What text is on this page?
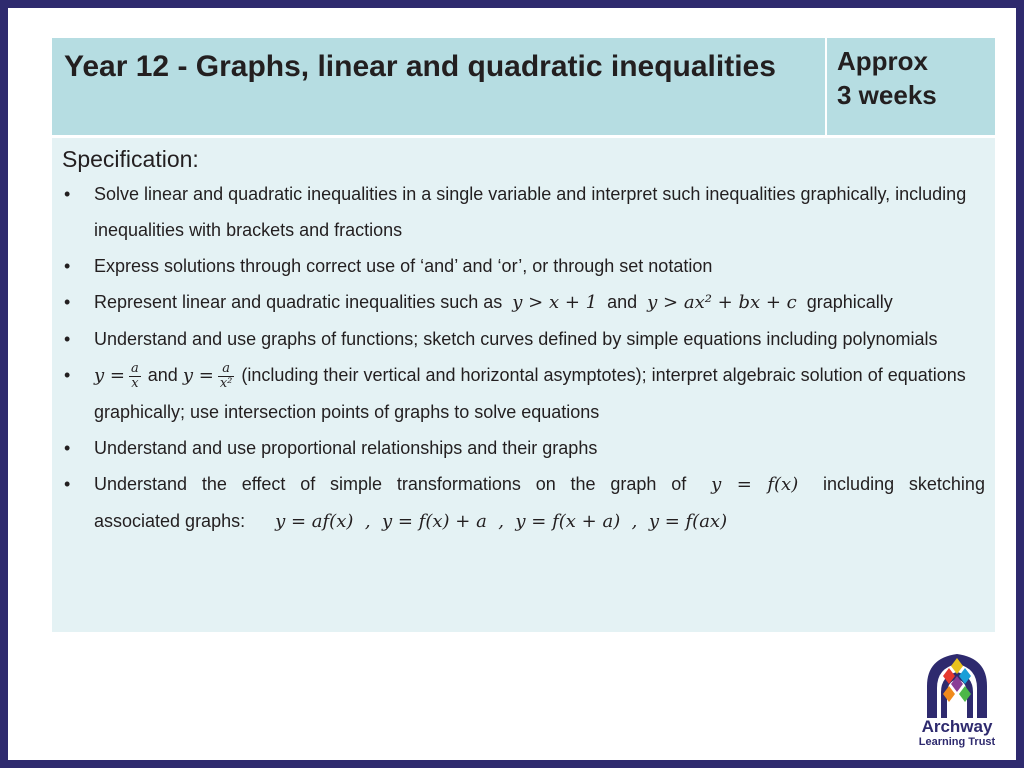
Year 12 - Graphs, linear and quadratic inequalities	Approx
3 weeks
Specification:
• Solve linear and quadratic inequalities in a single variable and interpret such inequalities graphically, including inequalities with brackets and fractions
• Express solutions through correct use of ‘and’ and ‘or’, or through set notation
• Represent linear and quadratic inequalities such as y > x + 1 and y > ax² + bx + c graphically
• Understand and use graphs of functions; sketch curves defined by simple equations including polynomials
• $y = \frac{a}{x}$ and $y = \frac{a}{\text{x²}}$ (including their vertical and horizontal asymptotes); interpret algebraic solution of equations graphically; use intersection points of graphs to solve equations
• Understand and use proportional relationships and their graphs
• Understand the effect of simple transformations on the graph of y = f(x) including sketching
associated graphs: y = af(x)  ,  y = f(x) + a  ,  y = f(x + a)  ,  y = f(ax)
Archway
Learning Trust
